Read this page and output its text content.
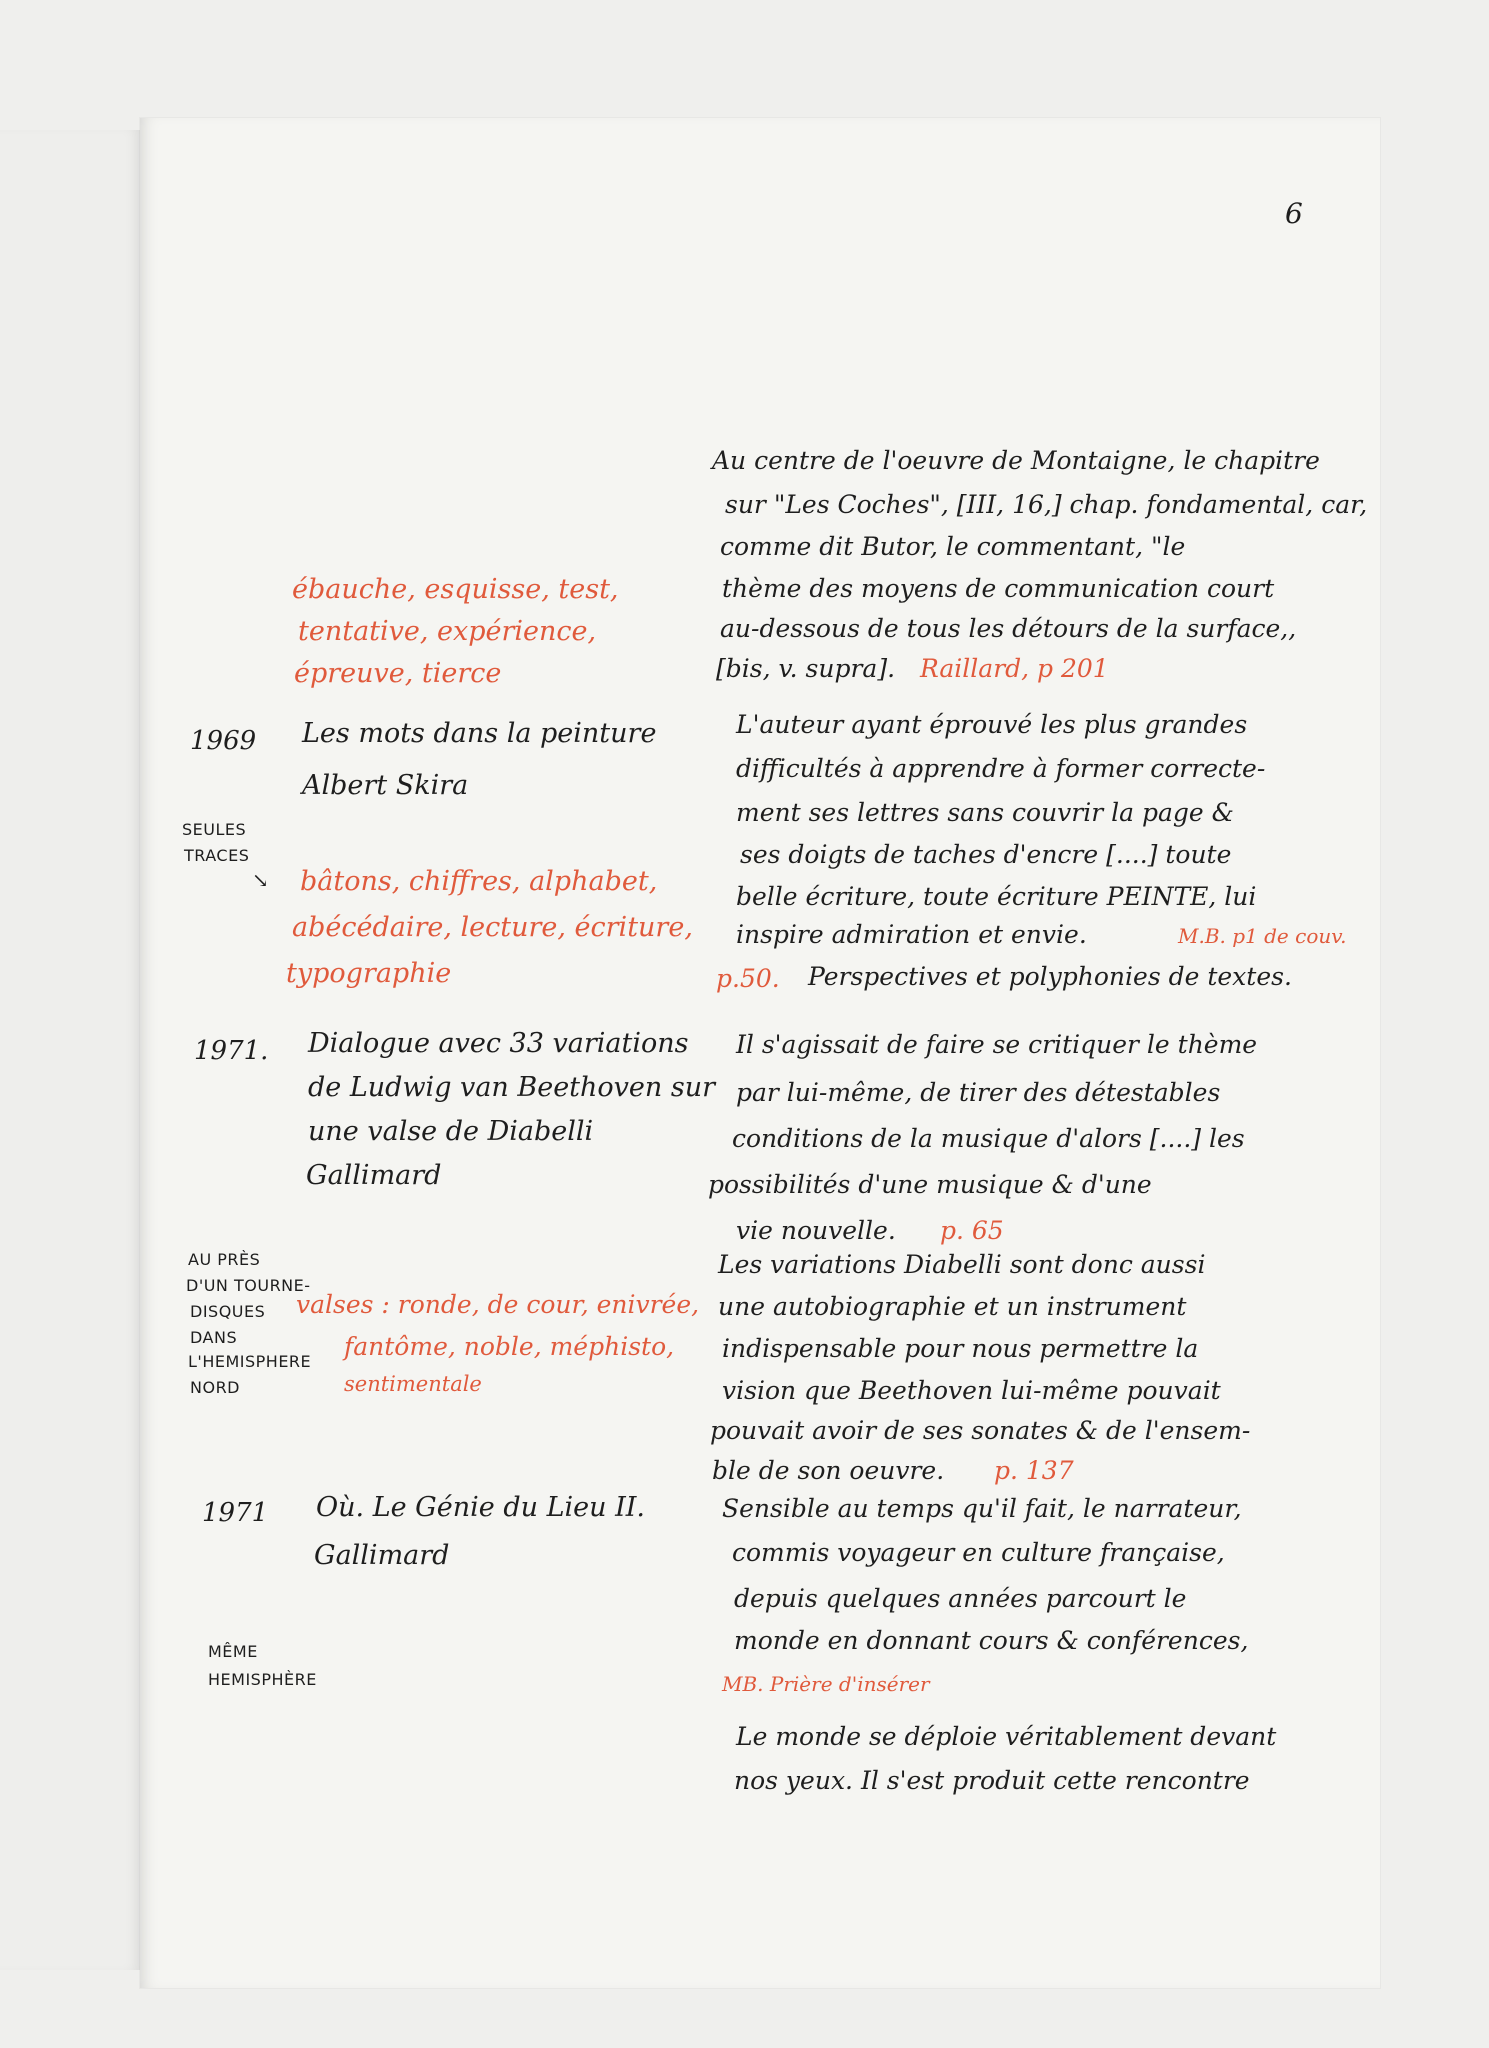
6
Au centre de l'oeuvre de Montaigne, le chapitre
sur "Les Coches", [III, 16,] chap. fondamental, car,
comme dit Butor, le commentant, "le
thème des moyens de communication court
au-dessous de tous les détours de la surface,,
[bis, v. supra]. Raillard, p 201
ébauche, esquisse, test,
tentative, expérience,
épreuve, tierce
1969 Les mots dans la peinture
Albert Skira
SEULES
TRACES
↘ bâtons, chiffres, alphabet,
abécédaire, lecture, écriture,
typographie
L'auteur ayant éprouvé les plus grandes
difficultés à apprendre à former correcte-
ment ses lettres sans couvrir la page &
ses doigts de taches d'encre [....] toute
belle écriture, toute écriture PEINTE, lui
inspire admiration et envie.	M.B. p1 de couv.
p.50. Perspectives et polyphonies de textes.
1971. Dialogue avec 33 variations
de Ludwig van Beethoven sur
une valse de Diabelli
Gallimard
Il s'agissait de faire se critiquer le thème
par lui-même, de tirer des détestables
conditions de la musique d'alors [....] les
possibilités d'une musique & d'une
vie nouvelle. p. 65
Les variations Diabelli sont donc aussi
une autobiographie et un instrument
indispensable pour nous permettre la
vision que Beethoven lui-même pouvait
pouvait avoir de ses sonates & de l'ensem-
ble de son oeuvre. p. 137
AU PRÈS
D'UN TOURNE-
DISQUES
DANS
L'HEMISPHERE
NORD
valses : ronde, de cour, enivrée,
fantôme, noble, méphisto,
sentimentale
1971 Où. Le Génie du Lieu II.
Gallimard
MÊME
HEMISPHÈRE
Sensible au temps qu'il fait, le narrateur,
commis voyageur en culture française,
depuis quelques années parcourt le
monde en donnant cours & conférences,
MB. Prière d'insérer
Le monde se déploie véritablement devant
nos yeux. Il s'est produit cette rencontre
